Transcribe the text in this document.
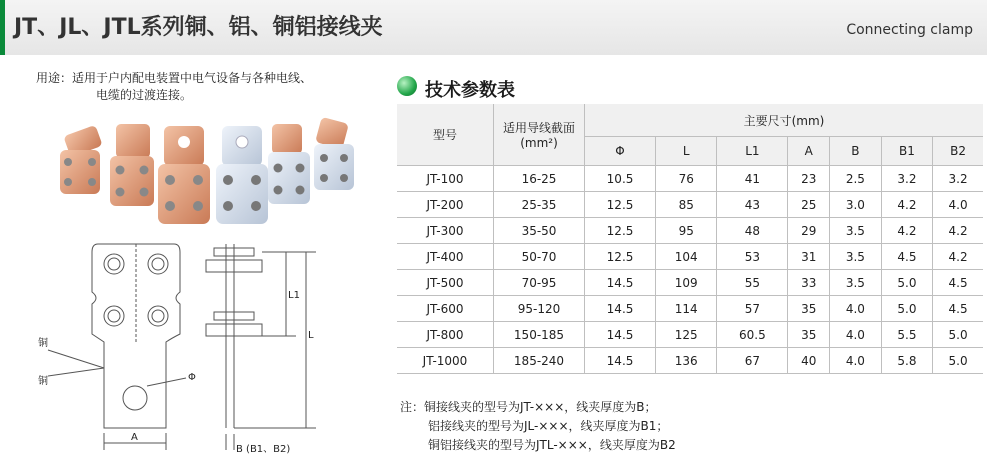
JT、JL、JTL系列铜、铝、铜铝接线夹	Connecting clamp
用途：适用于户内配电装置中电气设备与各种电线、
电缆的过渡连接。
铜
铜	Φ
A
L
L1
B (B1、B2)
技术参数表
型号	适用导线截面(mm²)	主要尺寸(mm)						
		Φ	L	L1	A	B	B1	B2
JT-100	16-25	10.5	76	41	23	2.5	3.2	3.2
JT-200	25-35	12.5	85	43	25	3.0	4.2	4.0
JT-300	35-50	12.5	95	48	29	3.5	4.2	4.2
JT-400	50-70	12.5	104	53	31	3.5	4.5	4.2
JT-500	70-95	14.5	109	55	33	3.5	5.0	4.5
JT-600	95-120	14.5	114	57	35	4.0	5.0	4.5
JT-800	150-185	14.5	125	60.5	35	4.0	5.5	5.0
JT-1000	185-240	14.5	136	67	40	4.0	5.8	5.0
注：铜接线夹的型号为JT-×××，线夹厚度为B；
铝接线夹的型号为JL-×××，线夹厚度为B1；
铜铝接线夹的型号为JTL-×××，线夹厚度为B2
